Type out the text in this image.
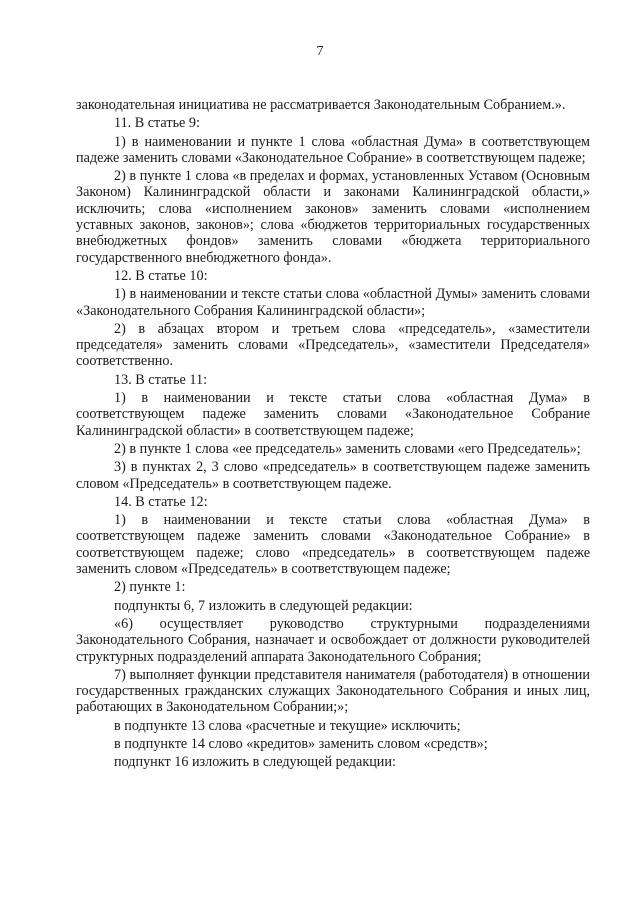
7

законодательная инициатива не рассматривается Законодательным Собранием.».

11. В статье 9:

1) в наименовании и пункте 1 слова «областная Дума» в соответствующем падеже заменить словами «Законодательное Собрание» в соответствующем падеже;

2) в пункте 1 слова «в пределах и формах, установленных Уставом (Основным Законом) Калининградской области и законами Калининградской области,» исключить; слова «исполнением законов» заменить словами «исполнением уставных законов, законов»; слова «бюджетов территориальных государственных внебюджетных фондов» заменить словами «бюджета территориального государственного внебюджетного фонда».

12. В статье 10:

1) в наименовании и тексте статьи слова «областной Думы» заменить словами «Законодательного Собрания Калининградской области»;

2) в абзацах втором и третьем слова «председатель», «заместители председателя» заменить словами «Председатель», «заместители Председателя» соответственно.

13. В статье 11:

1) в наименовании и тексте статьи слова «областная Дума» в соответствующем падеже заменить словами «Законодательное Собрание Калининградской области» в соответствующем падеже;

2) в пункте 1 слова «ее председатель» заменить словами «его Председатель»;

3) в пунктах 2, 3 слово «председатель» в соответствующем падеже заменить словом «Председатель» в соответствующем падеже.

14. В статье 12:

1) в наименовании и тексте статьи слова «областная Дума» в соответствующем падеже заменить словами «Законодательное Собрание» в соответствующем падеже; слово «председатель» в соответствующем падеже заменить словом «Председатель» в соответствующем падеже;

2) пункте 1:

подпункты 6, 7 изложить в следующей редакции:

«6) осуществляет руководство структурными подразделениями Законодательного Собрания, назначает и освобождает от должности руководителей структурных подразделений аппарата Законодательного Собрания;

7) выполняет функции представителя нанимателя (работодателя) в отношении государственных гражданских служащих Законодательного Собрания и иных лиц, работающих в Законодательном Собрании;»;

в подпункте 13 слова «расчетные и текущие» исключить;

в подпункте 14 слово «кредитов» заменить словом «средств»;

подпункт 16 изложить в следующей редакции:
